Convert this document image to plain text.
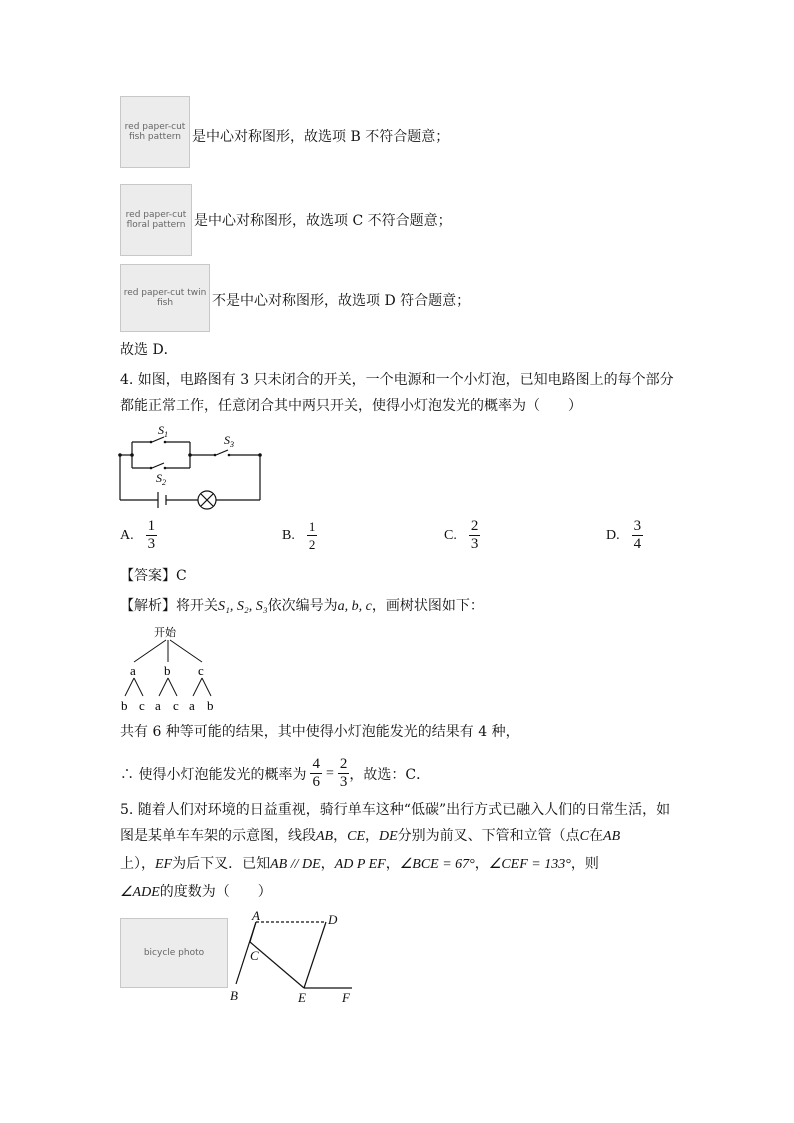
red paper-cut fish pattern 是中心对称图形，故选项 B 不符合题意；
red paper-cut floral pattern 是中心对称图形，故选项 C 不符合题意；
red paper-cut twin fish	不是中心对称图形，故选项 D 符合题意；
故选 D．
4. 如图，电路图有 3 只未闭合的开关，一个电源和一个小灯泡，已知电路图上的每个部分
都能正常工作，任意闭合其中两只开关，使得小灯泡发光的概率为（　　）
$S_1$
$S_2$
$S_3$
A. $\frac{1}{3}$	B. $\frac{1}{2}$	C. $\frac{2}{3}$	D. $\frac{3}{4}$
【答案】C
【解析】将开关S₁, S₂, S₃依次编号为a, b, c，画树状图如下：
开始
a b c
b c a c a b
共有 6 种等可能的结果，其中使得小灯泡能发光的结果有 4 种，
∴ 使得小灯泡能发光的概率为 $\frac{4}{6} = \frac{2}{3}$ ，故选：C．
5. 随着人们对环境的日益重视，骑行单车这种“低碳”出行方式已融入人们的日常生活，如
图是某单车车架的示意图，线段AB，CE，DE分别为前叉、下管和立管（点C在AB
上），EF为后下叉．已知AB // DE，AD P EF，∠BCE = 67°，∠CEF = 133°，则
∠ADE的度数为（　　）
bicycle photo
A
B
C
D
E	F
